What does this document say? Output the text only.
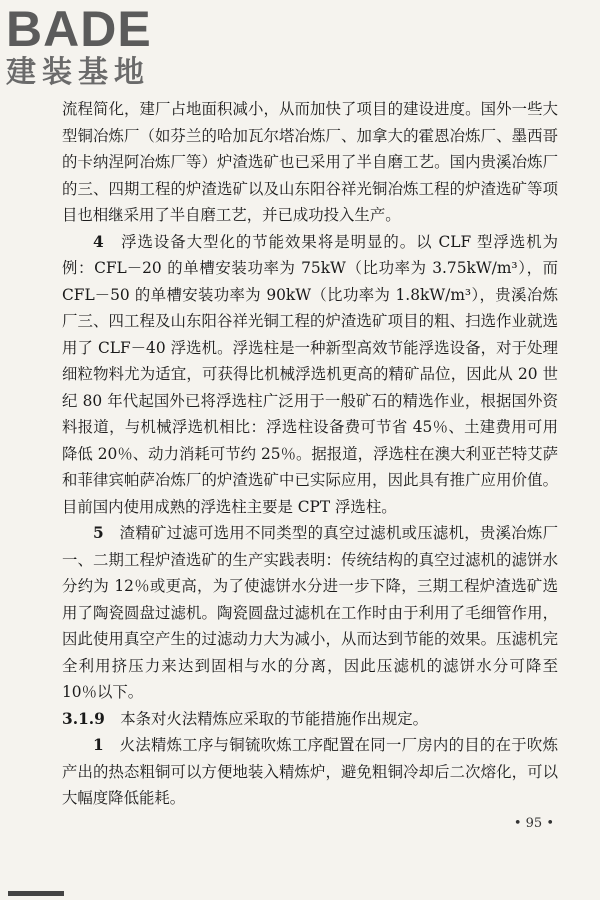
BADE
建装基地

流程简化，建厂占地面积减小，从而加快了项目的建设进度。国外一些大型铜冶炼厂（如芬兰的哈加瓦尔塔冶炼厂、加拿大的霍恩冶炼厂、墨西哥的卡纳涅阿冶炼厂等）炉渣选矿也已采用了半自磨工艺。国内贵溪冶炼厂的三、四期工程的炉渣选矿以及山东阳谷祥光铜冶炼工程的炉渣选矿等项目也相继采用了半自磨工艺，并已成功投入生产。

4　 浮选设备大型化的节能效果将是明显的。以 CLF 型浮选机为例：CFL－20 的单槽安装功率为 75kW（比功率为 3.75kW/m³），而 CFL－50 的单槽安装功率为 90kW（比功率为 1.8kW/m³），贵溪冶炼厂三、四工程及山东阳谷祥光铜工程的炉渣选矿项目的粗、扫选作业就选用了 CLF－40 浮选机。浮选柱是一种新型高效节能浮选设备，对于处理细粒物料尤为适宜，可获得比机械浮选机更高的精矿品位，因此从 20 世纪 80 年代起国外已将浮选柱广泛用于一般矿石的精选作业，根据国外资料报道，与机械浮选机相比：浮选柱设备费可节省 45％、土建费用可用降低 20％、动力消耗可节约 25％。据报道，浮选柱在澳大利亚芒特艾萨和菲律宾帕萨冶炼厂的炉渣选矿中已实际应用，因此具有推广应用价值。目前国内使用成熟的浮选柱主要是 CPT 浮选柱。

5　 渣精矿过滤可选用不同类型的真空过滤机或压滤机，贵溪冶炼厂一、二期工程炉渣选矿的生产实践表明：传统结构的真空过滤机的滤饼水分约为 12％或更高，为了使滤饼水分进一步下降，三期工程炉渣选矿选用了陶瓷圆盘过滤机。陶瓷圆盘过滤机在工作时由于利用了毛细管作用，因此使用真空产生的过滤动力大为减小，从而达到节能的效果。压滤机完全利用挤压力来达到固相与水的分离，因此压滤机的滤饼水分可降至 10％以下。

3.1.9　 本条对火法精炼应采取的节能措施作出规定。

1　 火法精炼工序与铜锍吹炼工序配置在同一厂房内的目的在于吹炼产出的热态粗铜可以方便地装入精炼炉，避免粗铜冷却后二次熔化，可以大幅度降低能耗。

• 95 •
